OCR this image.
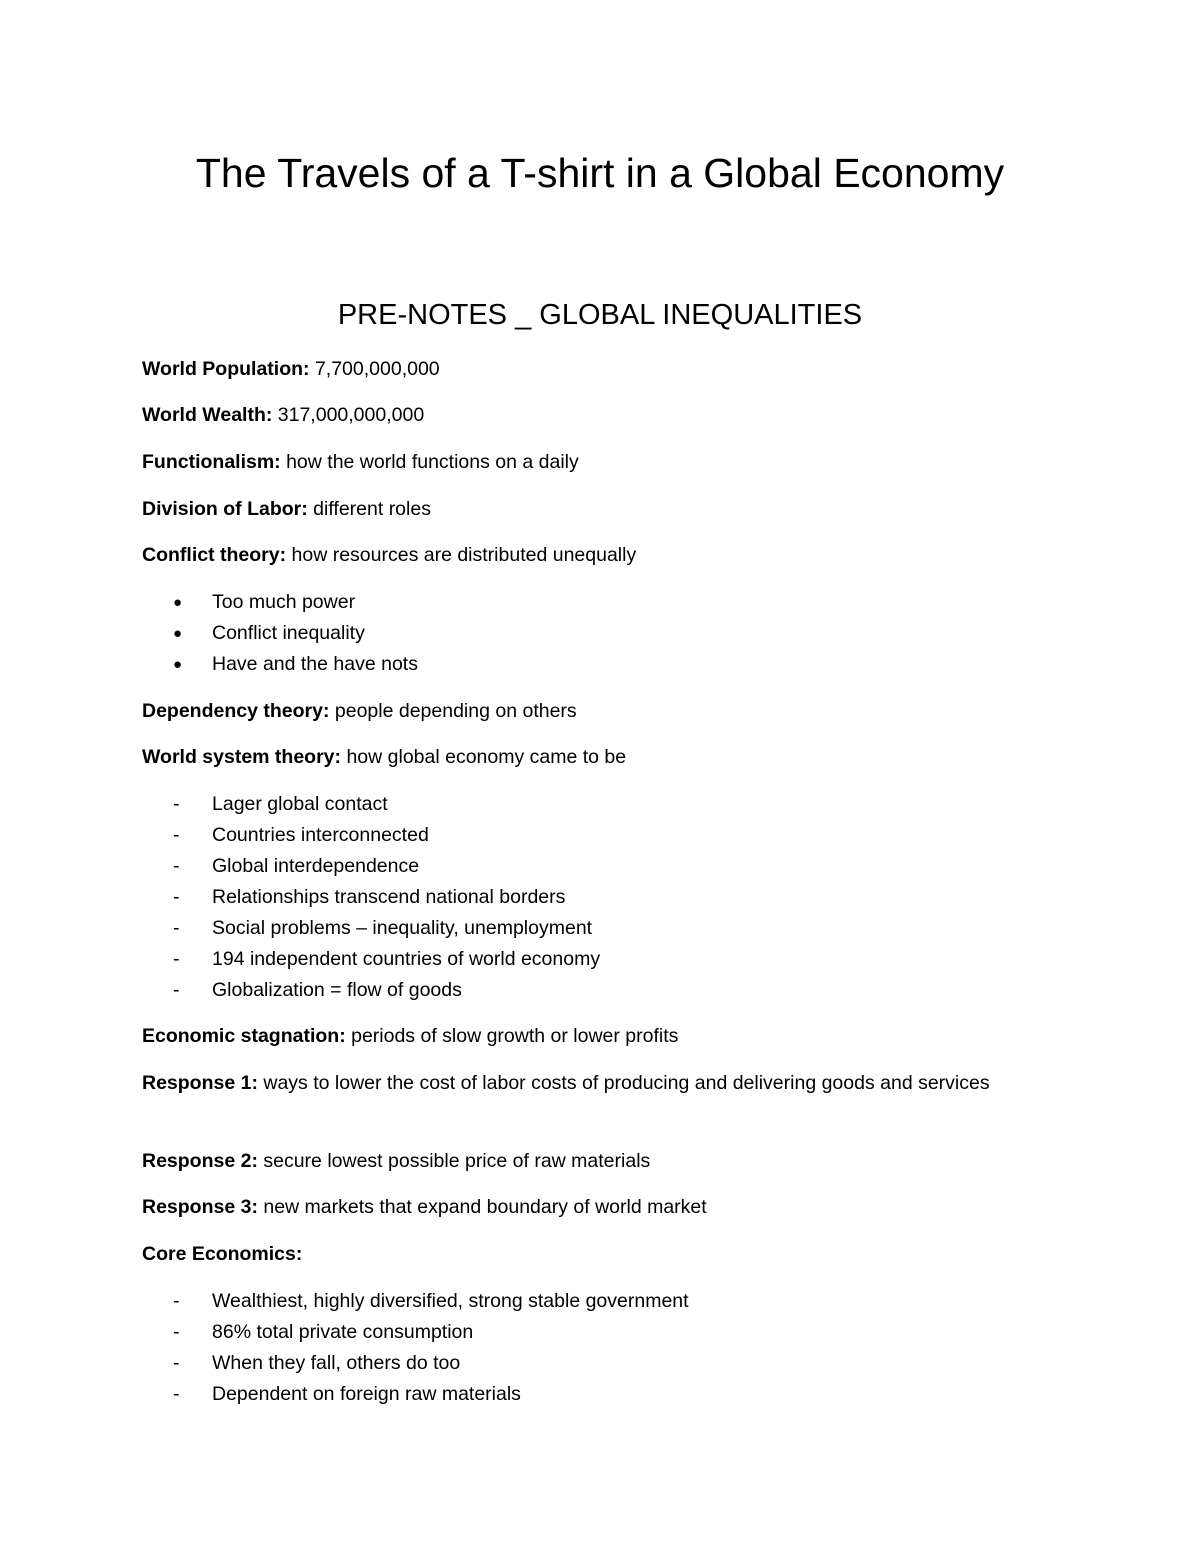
The Travels of a T-shirt in a Global Economy
PRE-NOTES _ GLOBAL INEQUALITIES

World Population: 7,700,000,000

World Wealth: 317,000,000,000

Functionalism: how the world functions on a daily

Division of Labor: different roles

Conflict theory: how resources are distributed unequally

●	Too much power

●	Conflict inequality

●	Have and the have nots

Dependency theory: people depending on others

World system theory: how global economy came to be

-	Lager global contact

-	Countries interconnected

-	Global interdependence

-	Relationships transcend national borders

-	Social problems – inequality, unemployment

-	194 independent countries of world economy

-	Globalization = flow of goods

Economic stagnation: periods of slow growth or lower profits

Response 1: ways to lower the cost of labor costs of producing and delivering goods and services

Response 2: secure lowest possible price of raw materials

Response 3: new markets that expand boundary of world market

Core Economics:

-	Wealthiest, highly diversified, strong stable government

-	86% total private consumption

-	When they fall, others do too

-	Dependent on foreign raw materials
